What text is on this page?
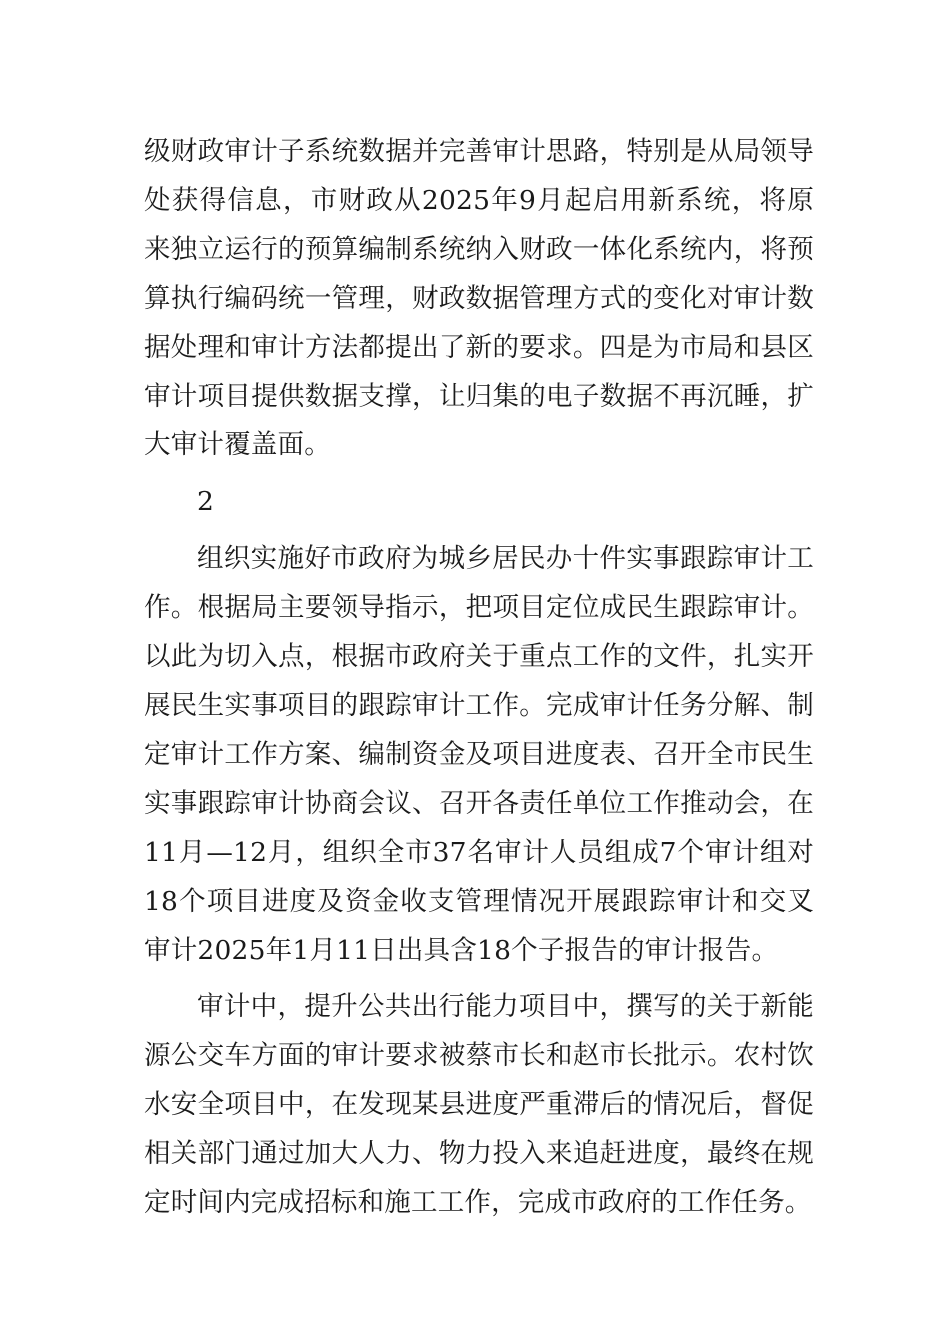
级财政审计子系统数据并完善审计思路，特别是从局领导处获得信息，市财政从2025年9月起启用新系统，将原来独立运行的预算编制系统纳入财政一体化系统内，将预算执行编码统一管理，财政数据管理方式的变化对审计数据处理和审计方法都提出了新的要求。四是为市局和县区审计项目提供数据支撑，让归集的电子数据不再沉睡，扩大审计覆盖面。

2

组织实施好市政府为城乡居民办十件实事跟踪审计工作。根据局主要领导指示，把项目定位成民生跟踪审计。以此为切入点，根据市政府关于重点工作的文件，扎实开展民生实事项目的跟踪审计工作。完成审计任务分解、制定审计工作方案、编制资金及项目进度表、召开全市民生实事跟踪审计协商会议、召开各责任单位工作推动会，在11月—12月，组织全市37名审计人员组成7个审计组对18个项目进度及资金收支管理情况开展跟踪审计和交叉审计2025年1月11日出具含18个子报告的审计报告。

审计中，提升公共出行能力项目中，撰写的关于新能源公交车方面的审计要求被蔡市长和赵市长批示。农村饮水安全项目中，在发现某县进度严重滞后的情况后，督促相关部门通过加大人力、物力投入来追赶进度，最终在规定时间内完成招标和施工工作，完成市政府的工作任务。
